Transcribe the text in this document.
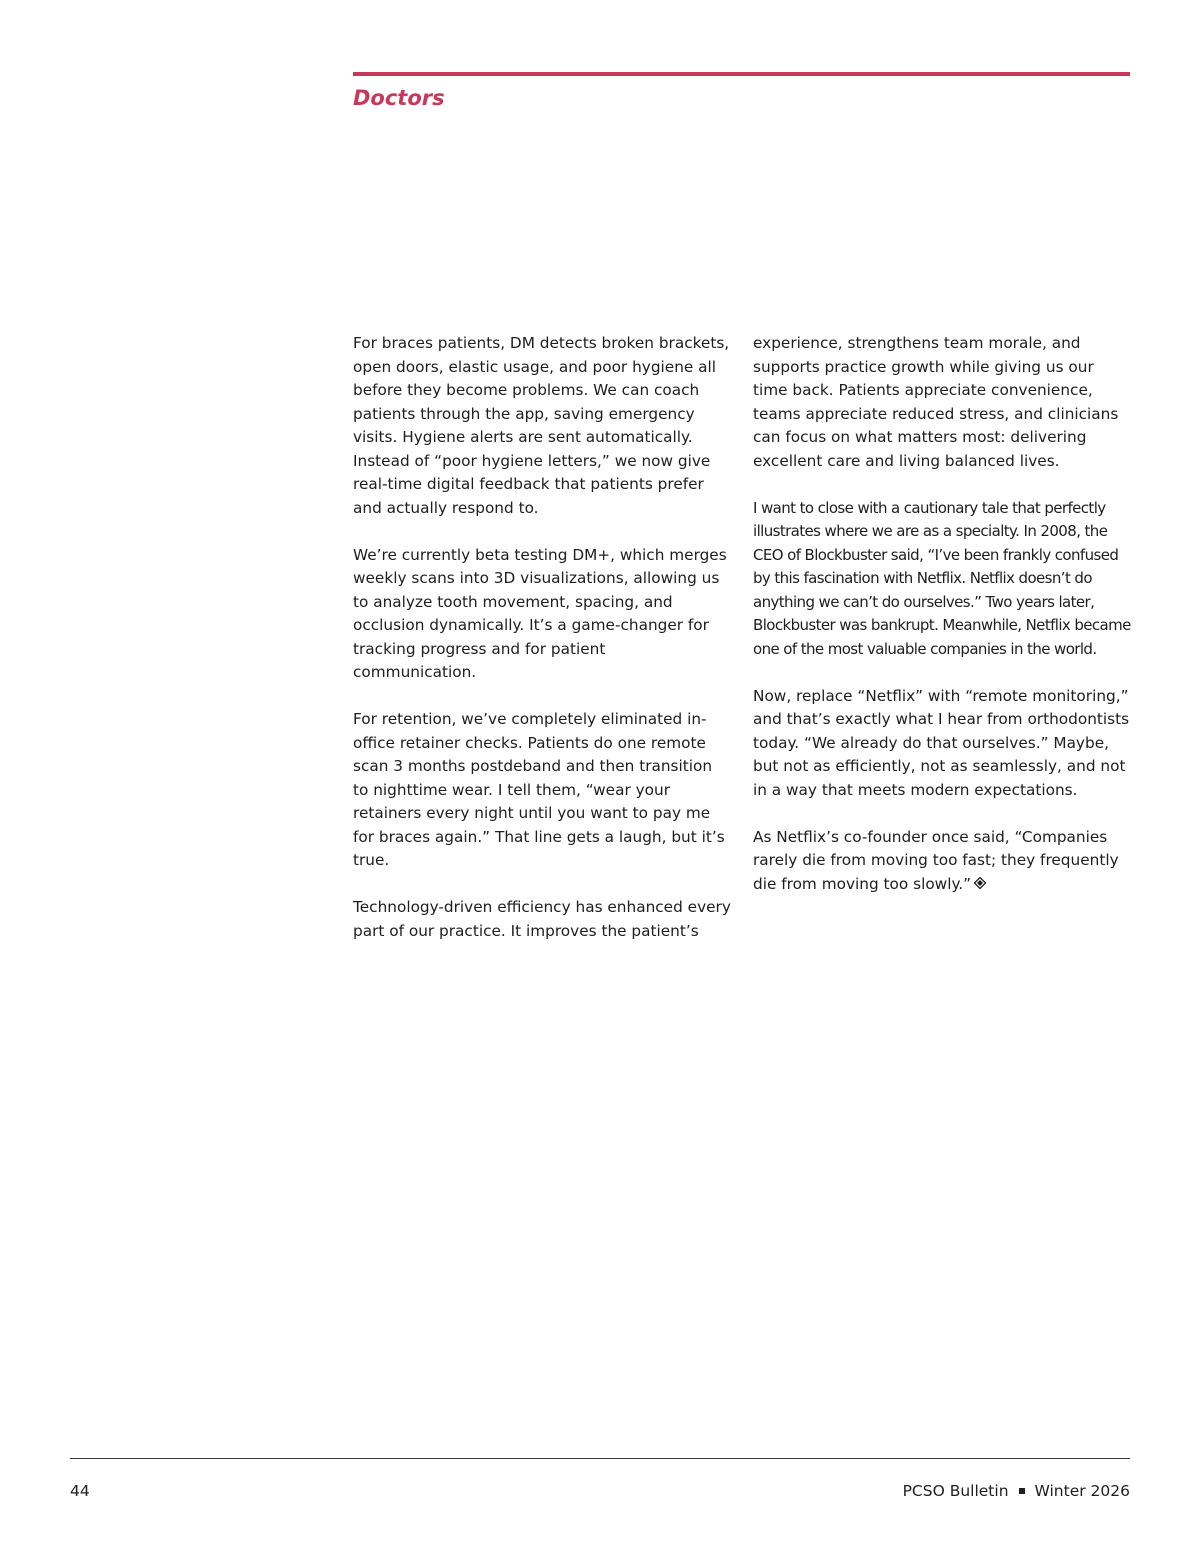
Doctors

For braces patients, DM detects broken brackets, open doors, elastic usage, and poor hygiene all before they become problems. We can coach patients through the app, saving emergency visits. Hygiene alerts are sent automatically. Instead of “poor hygiene letters,” we now give real-time digital feedback that patients prefer and actually respond to.

We’re currently beta testing DM+, which merges weekly scans into 3D visualizations, allowing us to analyze tooth movement, spacing, and occlusion dynamically. It’s a game-changer for tracking progress and for patient communication.

For retention, we’ve completely eliminated in-office retainer checks. Patients do one remote scan 3 months postdeband and then transition to nighttime wear. I tell them, “wear your retainers every night until you want to pay me for braces again.” That line gets a laugh, but it’s true.

Technology-driven efficiency has enhanced every part of our practice. It improves the patient’s

experience, strengthens team morale, and supports practice growth while giving us our time back. Patients appreciate convenience, teams appreciate reduced stress, and clinicians can focus on what matters most: delivering excellent care and living balanced lives.

I want to close with a cautionary tale that perfectly illustrates where we are as a specialty. In 2008, the CEO of Blockbuster said, “I’ve been frankly confused by this fascination with Netflix. Netflix doesn’t do anything we can’t do ourselves.” Two years later, Blockbuster was bankrupt. Meanwhile, Netflix became one of the most valuable companies in the world.

Now, replace “Netflix” with “remote monitoring,” and that’s exactly what I hear from orthodontists today. “We already do that ourselves.” Maybe, but not as efficiently, not as seamlessly, and not in a way that meets modern expectations.

As Netflix’s co-founder once said, “Companies rarely die from moving too fast; they frequently die from moving too slowly.”

44	PCSO Bulletin Winter 2026
